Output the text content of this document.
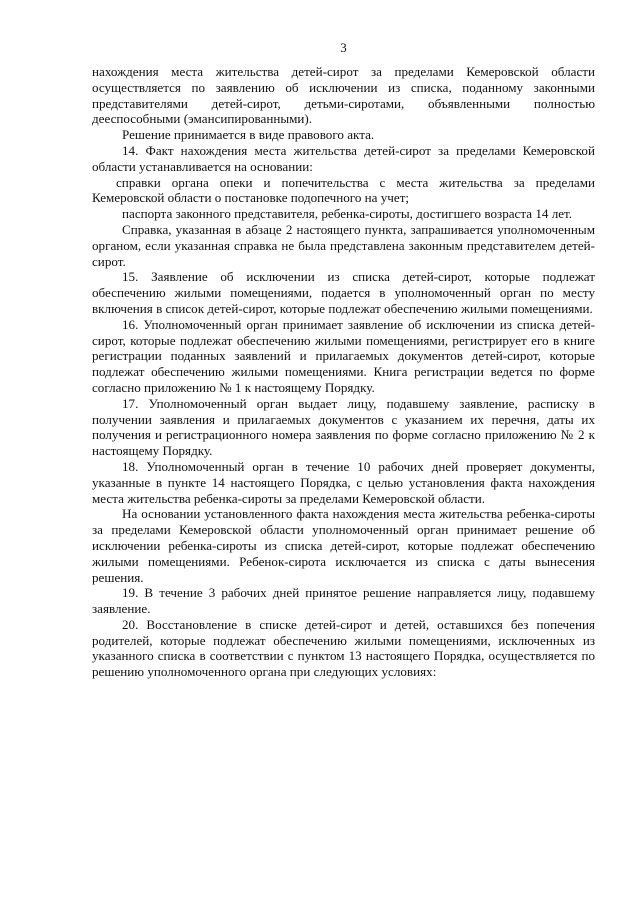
3

нахождения места жительства детей-сирот за пределами Кемеровской области осуществляется по заявлению об исключении из списка, поданному законными представителями детей-сирот, детьми-сиротами, объявленными полностью дееспособными (эмансипированными).

Решение принимается в виде правового акта.

14. Факт нахождения места жительства детей-сирот за пределами Кемеровской области устанавливается на основании:

справки органа опеки и попечительства с места жительства за пределами Кемеровской области о постановке подопечного на учет;

паспорта законного представителя, ребенка-сироты, достигшего возраста 14 лет.

Справка, указанная в абзаце 2 настоящего пункта, запрашивается уполномоченным органом, если указанная справка не была представлена законным представителем детей-сирот.

15. Заявление об исключении из списка детей-сирот, которые подлежат обеспечению жилыми помещениями, подается в уполномоченный орган по месту включения в список детей-сирот, которые подлежат обеспечению жилыми помещениями.

16. Уполномоченный орган принимает заявление об исключении из списка детей-сирот, которые подлежат обеспечению жилыми помещениями, регистрирует его в книге регистрации поданных заявлений и прилагаемых документов детей-сирот, которые подлежат обеспечению жилыми помещениями. Книга регистрации ведется по форме согласно приложению № 1 к настоящему Порядку.

17. Уполномоченный орган выдает лицу, подавшему заявление, расписку в получении заявления и прилагаемых документов с указанием их перечня, даты их получения и регистрационного номера заявления по форме согласно приложению № 2 к настоящему Порядку.

18. Уполномоченный орган в течение 10 рабочих дней проверяет документы, указанные в пункте 14 настоящего Порядка, с целью установления факта нахождения места жительства ребенка-сироты за пределами Кемеровской области.

На основании установленного факта нахождения места жительства ребенка-сироты за пределами Кемеровской области уполномоченный орган принимает решение об исключении ребенка-сироты из списка детей-сирот, которые подлежат обеспечению жилыми помещениями. Ребенок-сирота исключается из списка с даты вынесения решения.

19. В течение 3 рабочих дней принятое решение направляется лицу, подавшему заявление.

20. Восстановление в списке детей-сирот и детей, оставшихся без попечения родителей, которые подлежат обеспечению жилыми помещениями, исключенных из указанного списка в соответствии с пунктом 13 настоящего Порядка, осуществляется по решению уполномоченного органа при следующих условиях:
